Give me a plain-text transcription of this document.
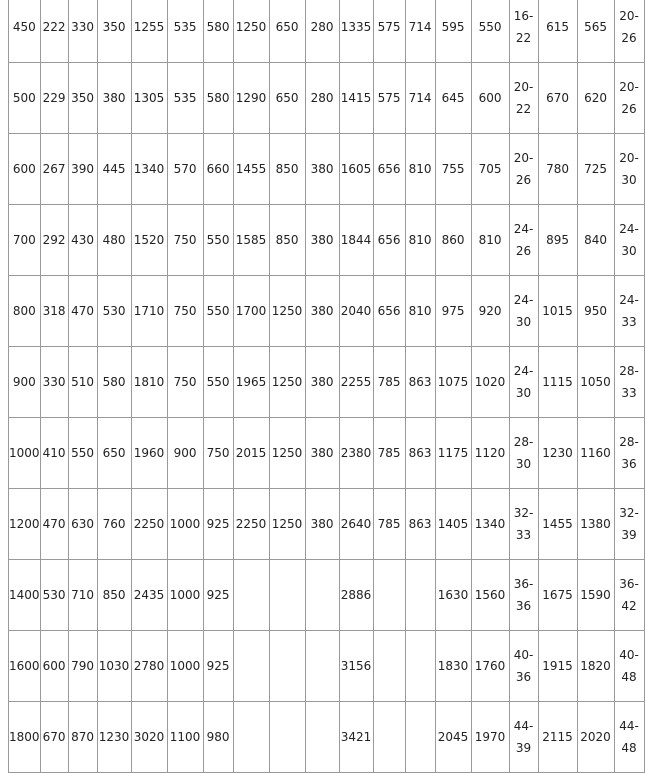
450	222	330	350	1255	535	580	1250	650	280	1335	575	714	595	550	16-22	615	565	20-26
500	229	350	380	1305	535	580	1290	650	280	1415	575	714	645	600	20-22	670	620	20-26
600	267	390	445	1340	570	660	1455	850	380	1605	656	810	755	705	20-26	780	725	20-30
700	292	430	480	1520	750	550	1585	850	380	1844	656	810	860	810	24-26	895	840	24-30
800	318	470	530	1710	750	550	1700	1250	380	2040	656	810	975	920	24-30	1015	950	24-33
900	330	510	580	1810	750	550	1965	1250	380	2255	785	863	1075	1020	24-30	1115	1050	28-33
1000	410	550	650	1960	900	750	2015	1250	380	2380	785	863	1175	1120	28-30	1230	1160	28-36
1200	470	630	760	2250	1000	925	2250	1250	380	2640	785	863	1405	1340	32-33	1455	1380	32-39
1400	530	710	850	2435	1000	925				2886			1630	1560	36-36	1675	1590	36-42
1600	600	790	1030	2780	1000	925				3156			1830	1760	40-36	1915	1820	40-48
1800	670	870	1230	3020	1100	980				3421			2045	1970	44-39	2115	2020	44-48
